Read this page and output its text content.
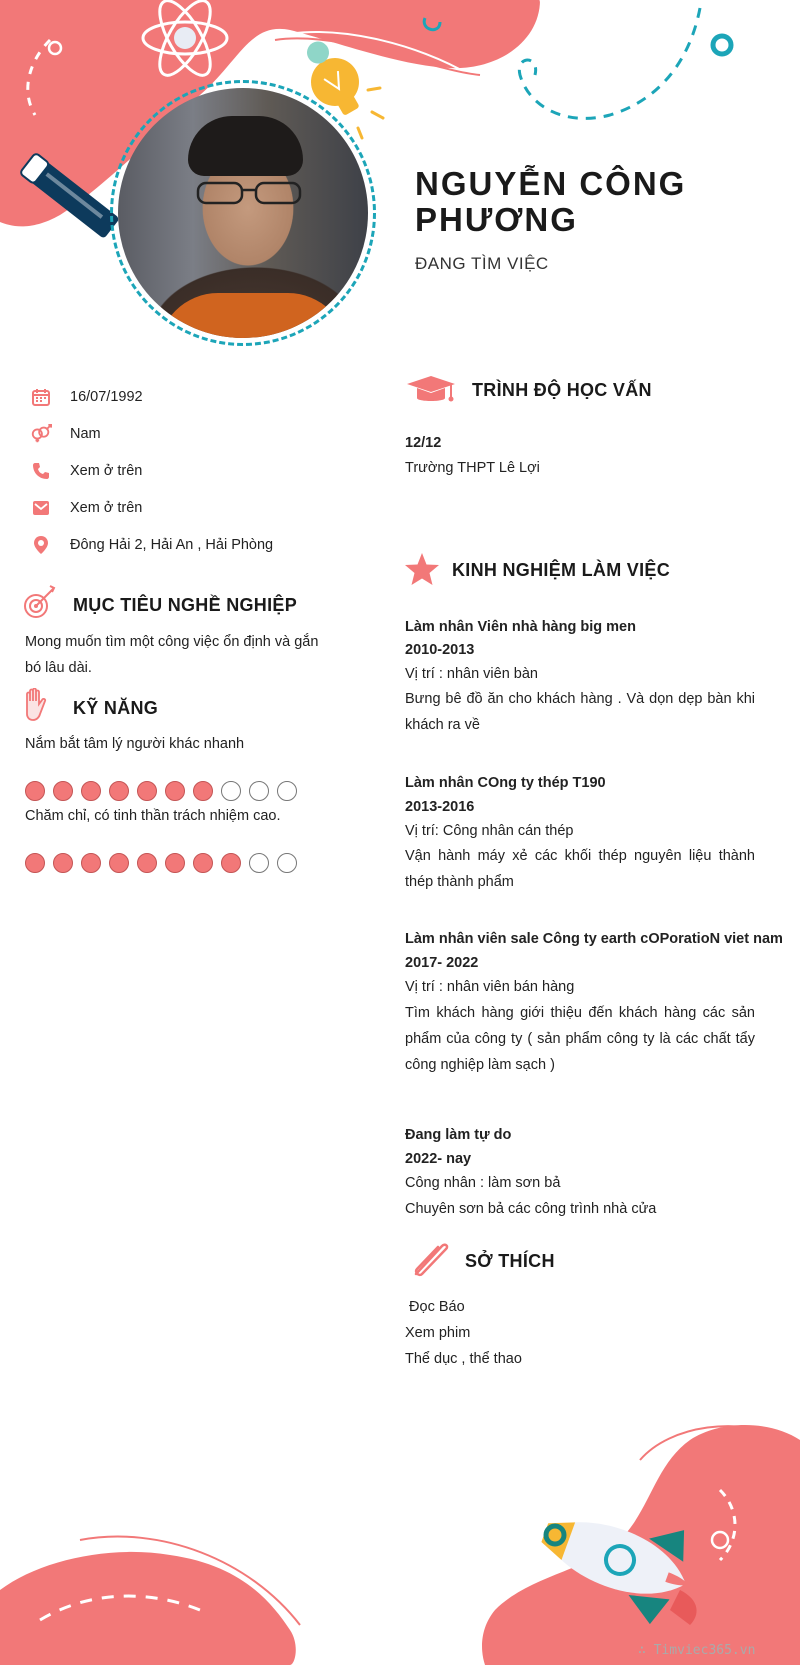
NGUYỄN CÔNG PHƯƠNG
ĐANG TÌM VIỆC
16/07/1992
Nam
Xem ở trên
Xem ở trên
Đông Hải 2, Hải An , Hải Phòng
MỤC TIÊU NGHỀ NGHIỆP
Mong muốn tìm một công việc ổn định và gắn bó lâu dài.
KỸ NĂNG
Nắm bắt tâm lý người khác nhanh
Chăm chỉ, có tinh thần trách nhiệm cao.
TRÌNH ĐỘ HỌC VẤN
12/12
Trường THPT Lê Lợi
KINH NGHIỆM LÀM VIỆC
Làm nhân Viên nhà hàng big men
2010-2013
Vị trí : nhân viên bàn
Bưng bê đồ ăn cho khách hàng . Và dọn dẹp bàn khi khách ra về
Làm nhân COng ty thép T190
2013-2016
Vị trí: Công nhân cán thép
Vận hành máy xẻ các khối thép nguyên liệu thành thép thành phẩm
Làm nhân viên sale Công ty earth cOPoratioN viet nam
2017- 2022
Vị trí : nhân viên bán hàng
Tìm khách hàng giới thiệu đến khách hàng các sản phẩm của công ty ( sản phẩm công ty là các chất tẩy công nghiệp làm sạch )
Đang làm tự do
2022- nay
Công nhân : làm sơn bả
Chuyên sơn bả các công trình nhà cửa
SỞ THÍCH
Đọc Báo
Xem phim
Thể dục , thể thao
∴ Timviec365.vn
